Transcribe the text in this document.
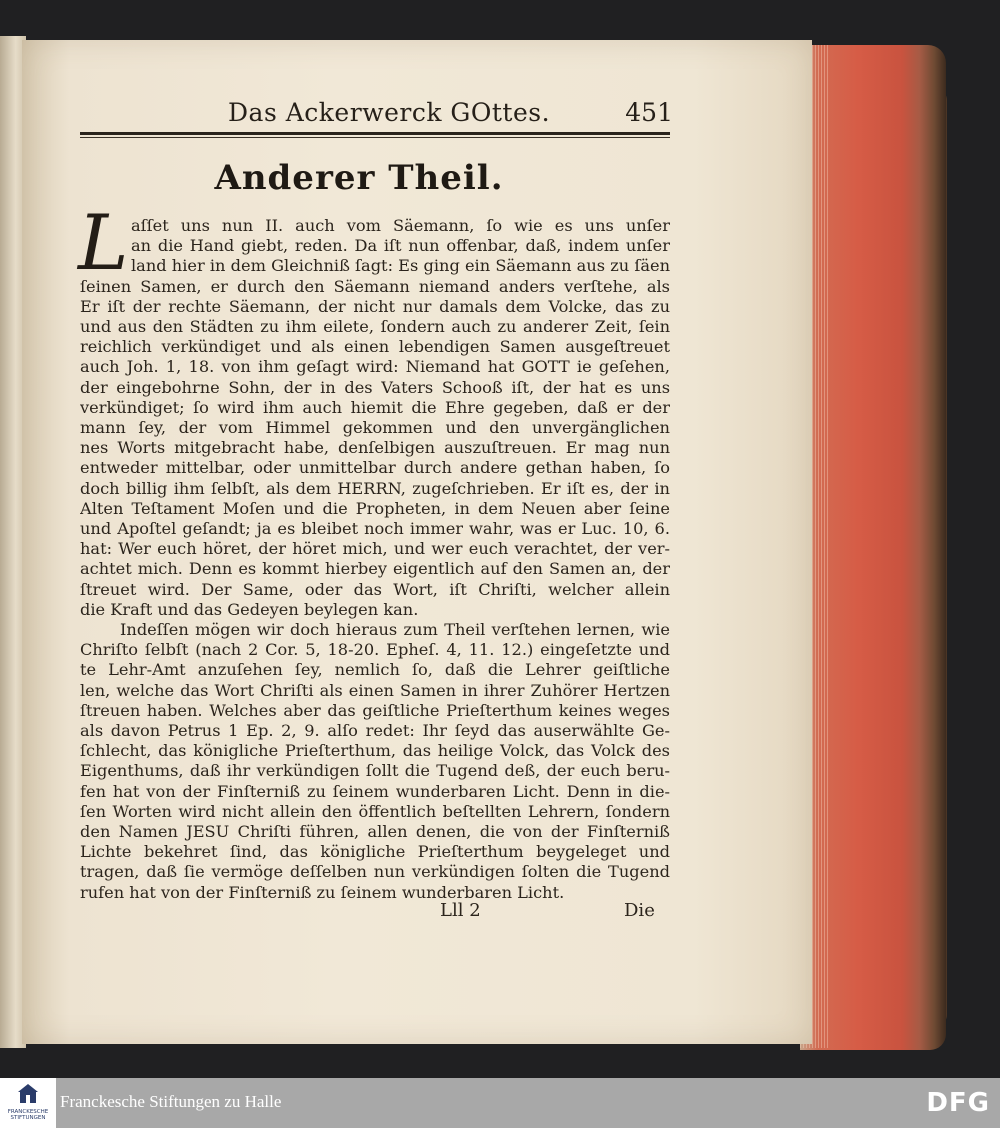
Das Ackerwerck GOttes.	451
Anderer Theil.
L aſſet uns nun II. auch vom Säemann, ſo wie es uns unſer
an die Hand giebt, reden. Da iſt nun offenbar, daß, indem unſer
land hier in dem Gleichniß ſagt: Es ging ein Säemann aus zu ſäen
ſeinen Samen, er durch den Säemann niemand anders verſtehe, als
Er iſt der rechte Säemann, der nicht nur damals dem Volcke, das zu
und aus den Städten zu ihm eilete, ſondern auch zu anderer Zeit, ſein
reichlich verkündiget und als einen lebendigen Samen ausgeſtreuet
auch Joh. 1, 18. von ihm geſagt wird: Niemand hat GOTT ie geſehen,
der eingebohrne Sohn, der in des Vaters Schooß iſt, der hat es uns
verkündiget; ſo wird ihm auch hiemit die Ehre gegeben, daß er der
mann ſey, der vom Himmel gekommen und den unvergänglichen
nes Worts mitgebracht habe, denſelbigen auszuſtreuen. Er mag nun
entweder mittelbar, oder unmittelbar durch andere gethan haben, ſo
doch billig ihm ſelbſt, als dem HERRN, zugeſchrieben. Er iſt es, der in
Alten Teſtament Moſen und die Propheten, in dem Neuen aber ſeine
und Apoſtel geſandt; ja es bleibet noch immer wahr, was er Luc. 10, 6.
hat: Wer euch höret, der höret mich, und wer euch verachtet, der ver-
achtet mich. Denn es kommt hierbey eigentlich auf den Samen an, der
ſtreuet wird. Der Same, oder das Wort, iſt Chriſti, welcher allein
die Kraft und das Gedeyen beylegen kan.
Indeſſen mögen wir doch hieraus zum Theil verſtehen lernen, wie
Chriſto ſelbſt (nach 2 Cor. 5, 18-20. Epheſ. 4, 11. 12.) eingeſetzte und
te Lehr-Amt anzuſehen ſey, nemlich ſo, daß die Lehrer geiſtliche
len, welche das Wort Chriſti als einen Samen in ihrer Zuhörer Hertzen
ſtreuen haben. Welches aber das geiſtliche Prieſterthum keines weges
als davon Petrus 1 Ep. 2, 9. alſo redet: Ihr ſeyd das auserwählte Ge-
ſchlecht, das königliche Prieſterthum, das heilige Volck, das Volck des
Eigenthums, daß ihr verkündigen ſollt die Tugend deß, der euch beru-
fen hat von der Finſterniß zu ſeinem wunderbaren Licht. Denn in die-
ſen Worten wird nicht allein den öffentlich beſtellten Lehrern, ſondern
den Namen JESU Chriſti führen, allen denen, die von der Finſterniß
Lichte bekehret ſind, das königliche Prieſterthum beygeleget und
tragen, daß ſie vermöge deſſelben nun verkündigen ſolten die Tugend
rufen hat von der Finſterniß zu ſeinem wunderbaren Licht.
Lll 2	Die
FRANCKESCHE STIFTUNGEN
Franckesche Stiftungen zu Halle	DFG
